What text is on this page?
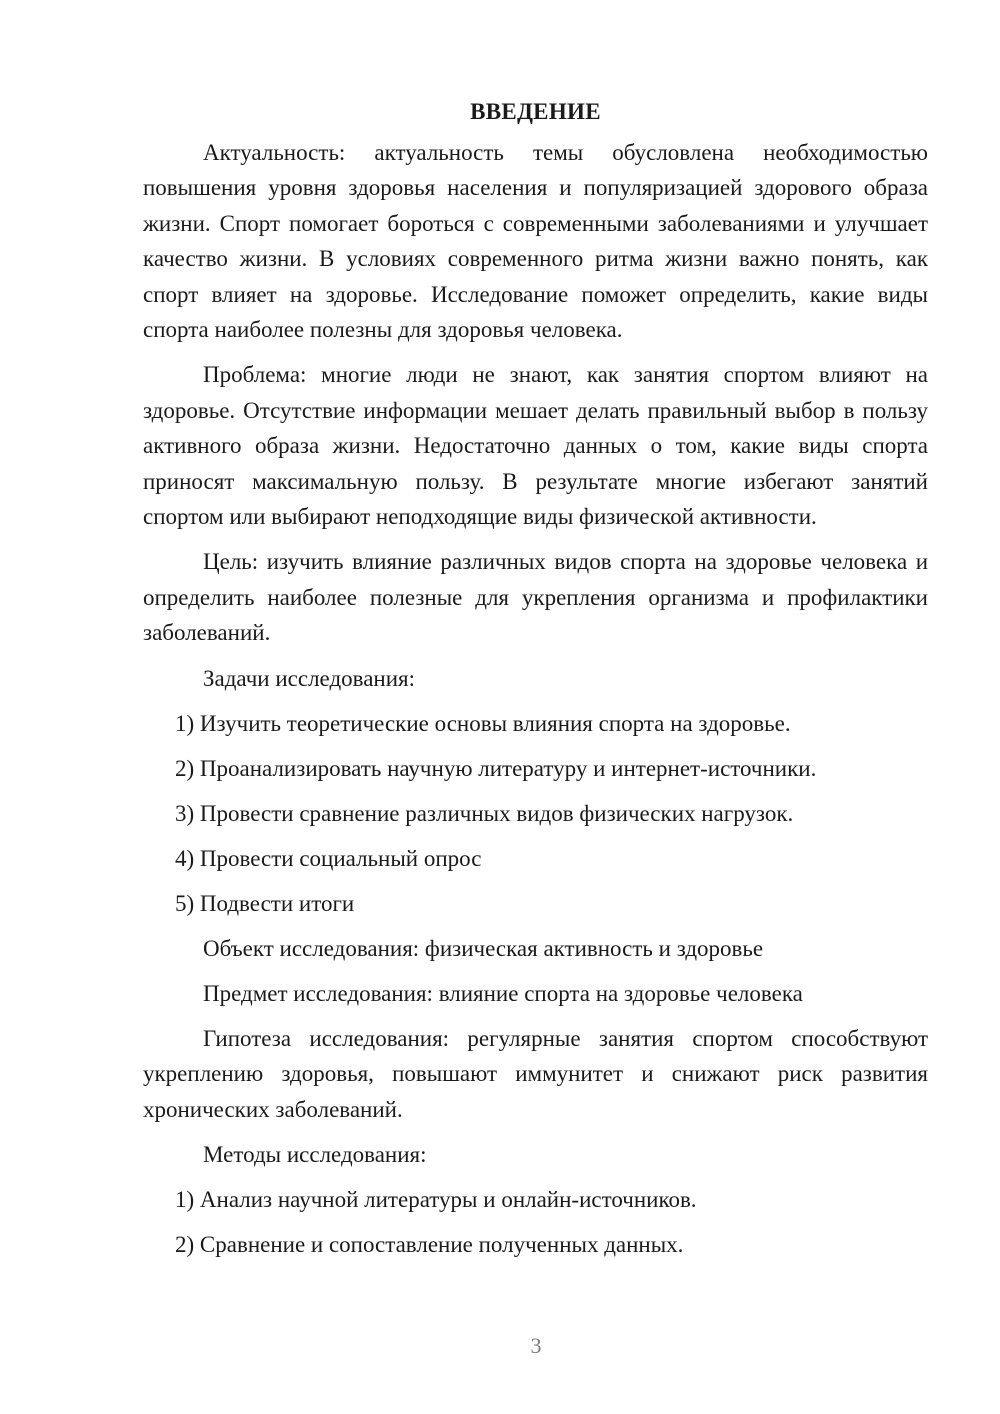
ВВЕДЕНИЕ

Актуальность: актуальность темы обусловлена необходимостью повышения уровня здоровья населения и популяризацией здорового образа жизни. Спорт помогает бороться с современными заболеваниями и улучшает качество жизни. В условиях современного ритма жизни важно понять, как спорт влияет на здоровье. Исследование поможет определить, какие виды спорта наиболее полезны для здоровья человека.

Проблема: многие люди не знают, как занятия спортом влияют на здоровье. Отсутствие информации мешает делать правильный выбор в пользу активного образа жизни. Недостаточно данных о том, какие виды спорта приносят максимальную пользу. В результате многие избегают занятий спортом или выбирают неподходящие виды физической активности.

Цель: изучить влияние различных видов спорта на здоровье человека и определить наиболее полезные для укрепления организма и профилактики заболеваний.

Задачи исследования:
1) Изучить теоретические основы влияния спорта на здоровье.
2) Проанализировать научную литературу и интернет-источники.
3) Провести сравнение различных видов физических нагрузок.
4) Провести социальный опрос
5) Подвести итоги
Объект исследования: физическая активность и здоровье
Предмет исследования: влияние спорта на здоровье человека

Гипотеза исследования: регулярные занятия спортом способствуют укреплению здоровья, повышают иммунитет и снижают риск развития хронических заболеваний.

Методы исследования:
1) Анализ научной литературы и онлайн-источников.
2) Сравнение и сопоставление полученных данных.
3
